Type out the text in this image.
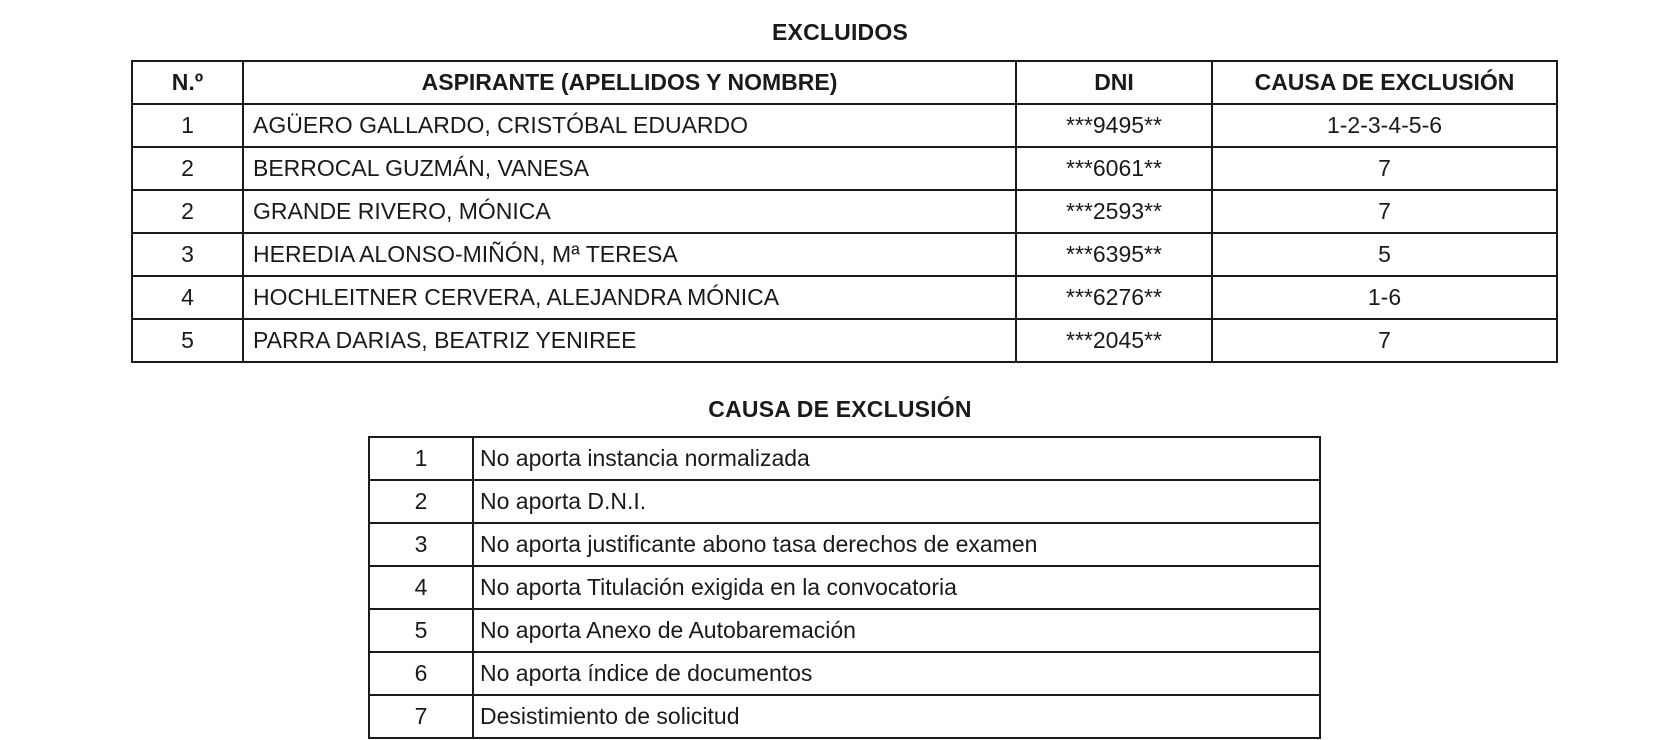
EXCLUIDOS
N.º	ASPIRANTE (APELLIDOS Y NOMBRE)	DNI	CAUSA DE EXCLUSIÓN
1	AGÜERO GALLARDO, CRISTÓBAL EDUARDO	***9495**	1-2-3-4-5-6
2	BERROCAL GUZMÁN, VANESA	***6061**	7
2	GRANDE RIVERO, MÓNICA	***2593**	7
3	HEREDIA ALONSO-MIÑÓN, Mª TERESA	***6395**	5
4	HOCHLEITNER CERVERA, ALEJANDRA MÓNICA	***6276**	1-6
5	PARRA DARIAS, BEATRIZ YENIREE	***2045**	7
CAUSA DE EXCLUSIÓN
1	No aporta instancia normalizada
2	No aporta D.N.I.
3	No aporta justificante abono tasa derechos de examen
4	No aporta Titulación exigida en la convocatoria
5	No aporta Anexo de Autobaremación
6	No aporta índice de documentos
7	Desistimiento de solicitud
